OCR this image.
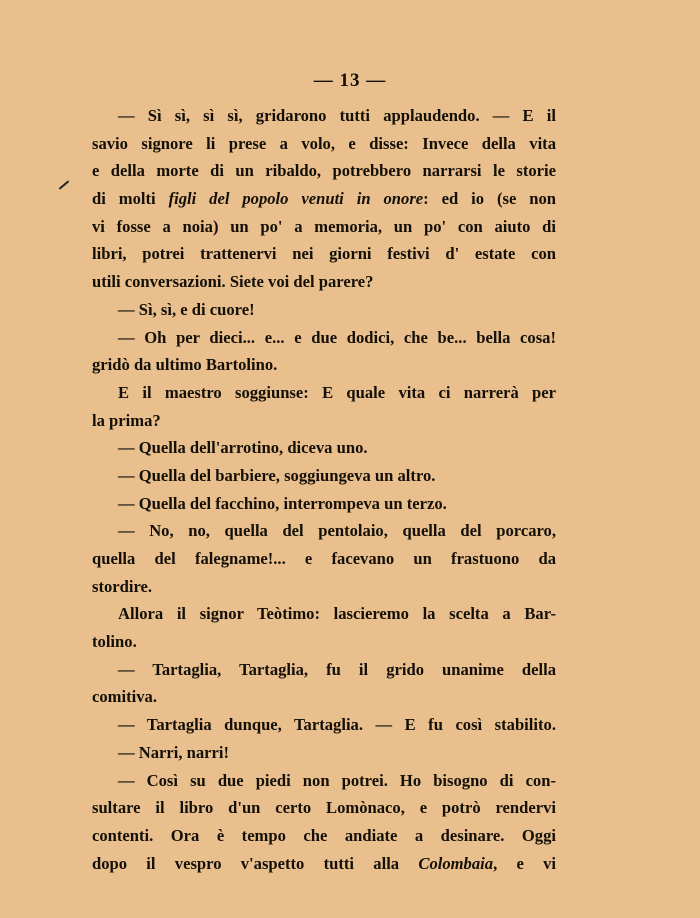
— 13 —
— Sì sì, sì sì, gridarono tutti applaudendo. — E il
savio signore li prese a volo, e disse: Invece della vita
e della morte di un ribaldo, potrebbero narrarsi le storie
di molti figli del popolo venuti in onore: ed io (se non
vi fosse a noia) un po' a memoria, un po' con aiuto di
libri, potrei trattenervi nei giorni festivi d' estate con
utili conversazioni. Siete voi del parere?
— Sì, sì, e di cuore!
— Oh per dieci... e... e due dodici, che be... bella cosa!
gridò da ultimo Bartolino.
E il maestro soggiunse: E quale vita ci narrerà per
la prima?
— Quella dell'arrotino, diceva uno.
— Quella del barbiere, soggiungeva un altro.
— Quella del facchino, interrompeva un terzo.
— No, no, quella del pentolaio, quella del porcaro,
quella del falegname!... e facevano un frastuono da
stordire.
Allora il signor Teòtimo: lascieremo la scelta a Bar-
tolino.
— Tartaglia, Tartaglia, fu il grido unanime della
comitiva.
— Tartaglia dunque, Tartaglia. — E fu così stabilito.
— Narri, narri!
— Così su due piedi non potrei. Ho bisogno di con-
sultare il libro d'un certo Lomònaco, e potrò rendervi
contenti. Ora è tempo che andiate a desinare. Oggi
dopo il vespro v'aspetto tutti alla Colombaia, e vi
